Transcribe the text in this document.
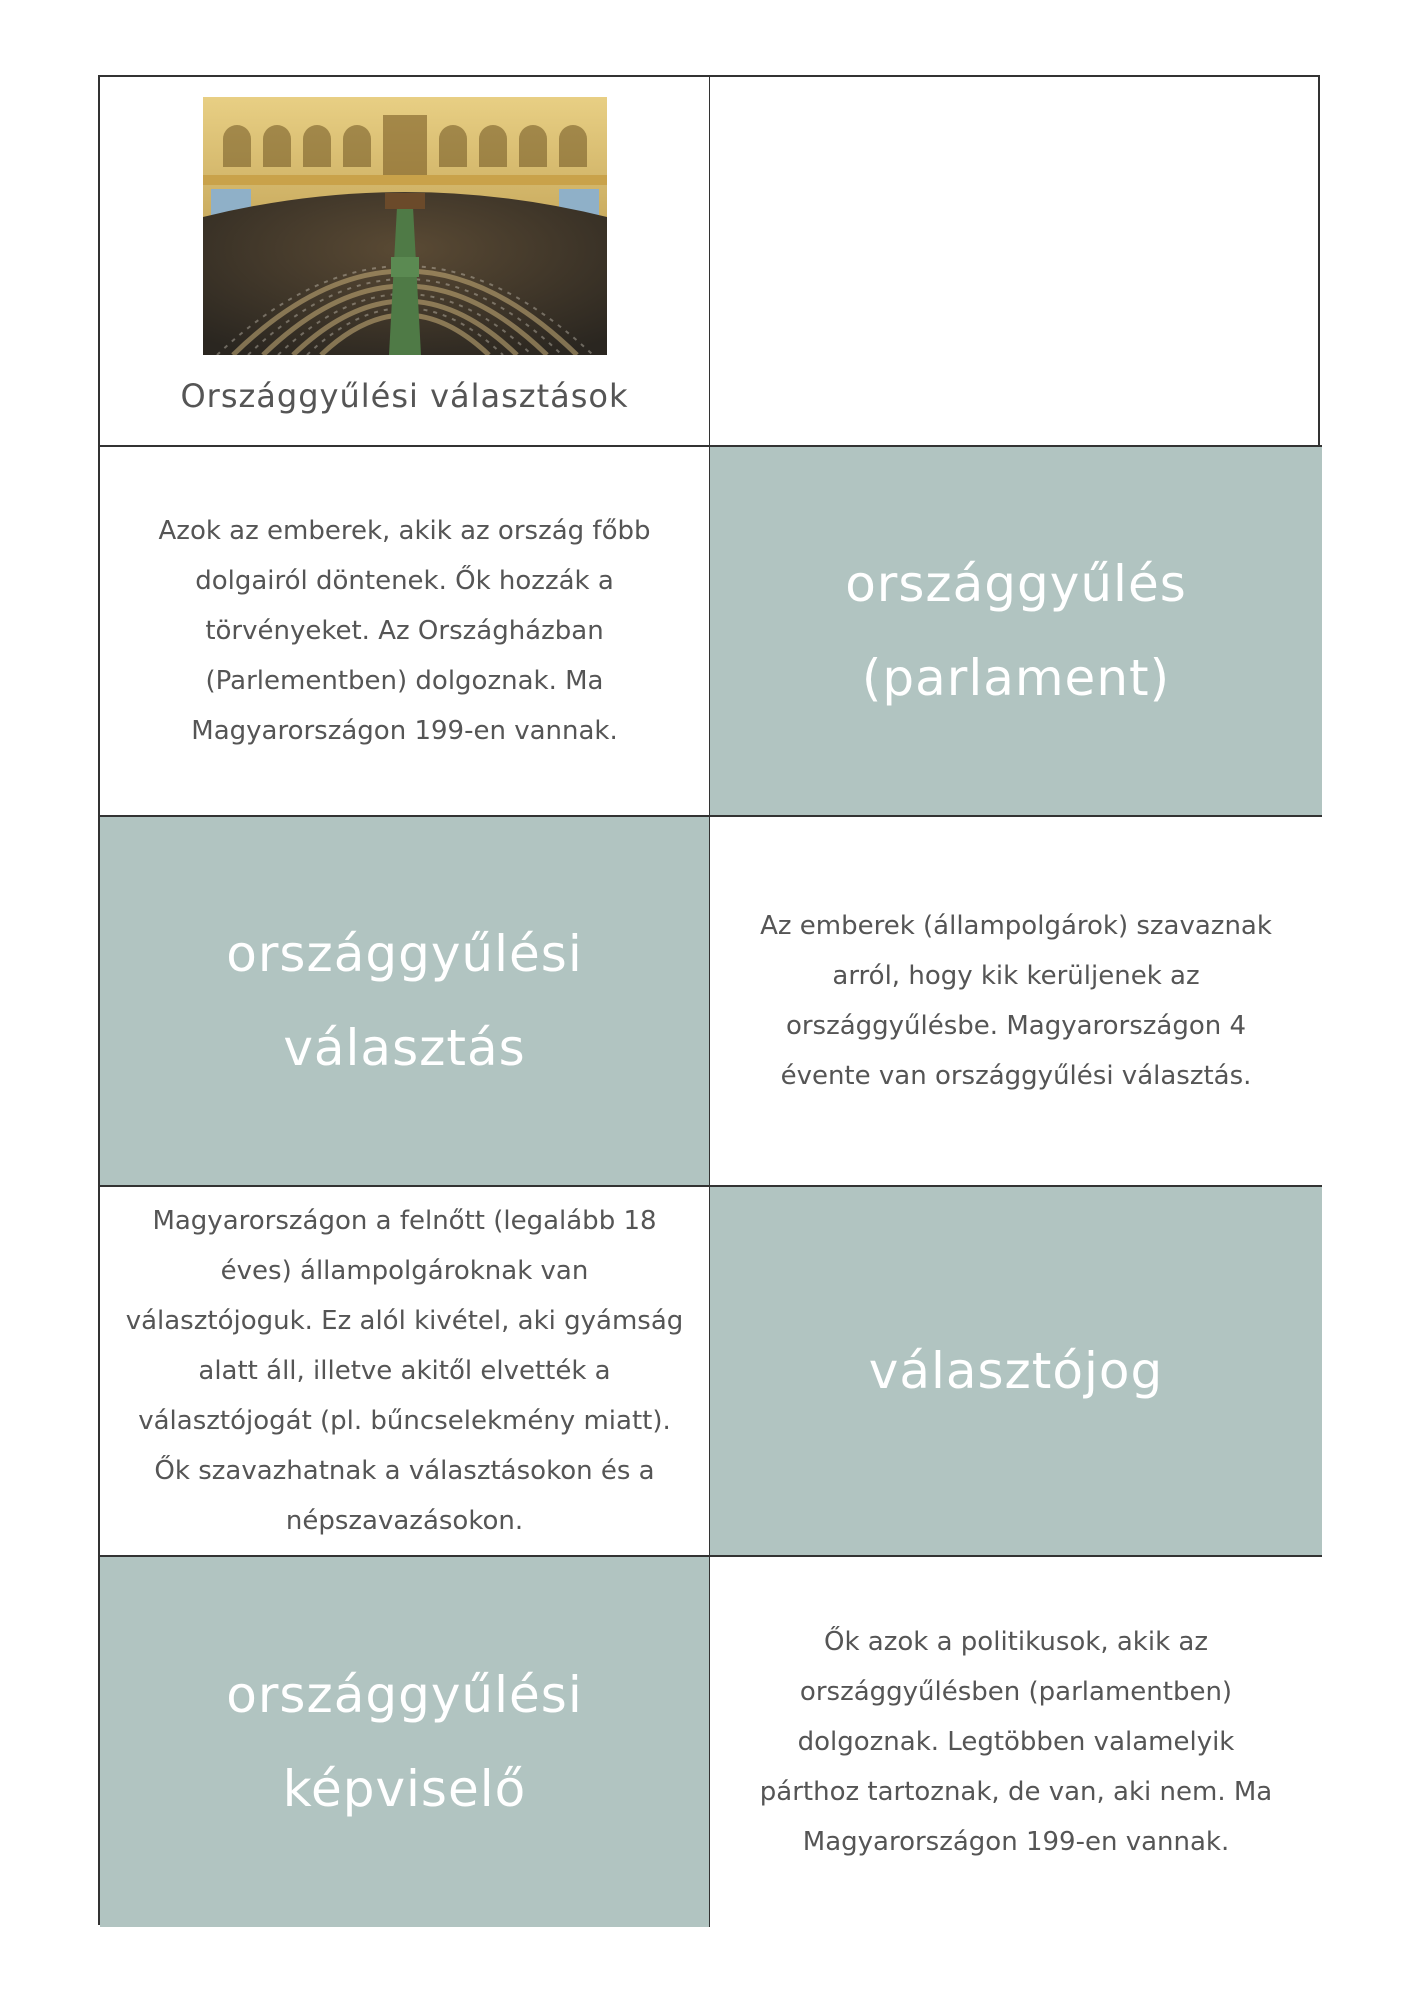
Országgyűlési választások
Azok az emberek, akik az ország főbb
dolgairól döntenek. Ők hozzák a
törvényeket. Az Országházban
(Parlementben) dolgoznak. Ma
Magyarországon 199-en vannak.
országgyűlés
(parlament)
országgyűlési
választás
Az emberek (állampolgárok) szavaznak
arról, hogy kik kerüljenek az
országgyűlésbe. Magyarországon 4
évente van országgyűlési választás.
Magyarországon a felnőtt (legalább 18
éves) állampolgároknak van
választójoguk. Ez alól kivétel, aki gyámság
alatt áll, illetve akitől elvették a
választójogát (pl. bűncselekmény miatt).
Ők szavazhatnak a választásokon és a
népszavazásokon.
választójog
országgyűlési
képviselő
Ők azok a politikusok, akik az
országgyűlésben (parlamentben)
dolgoznak. Legtöbben valamelyik
párthoz tartoznak, de van, aki nem. Ma
Magyarországon 199-en vannak.
